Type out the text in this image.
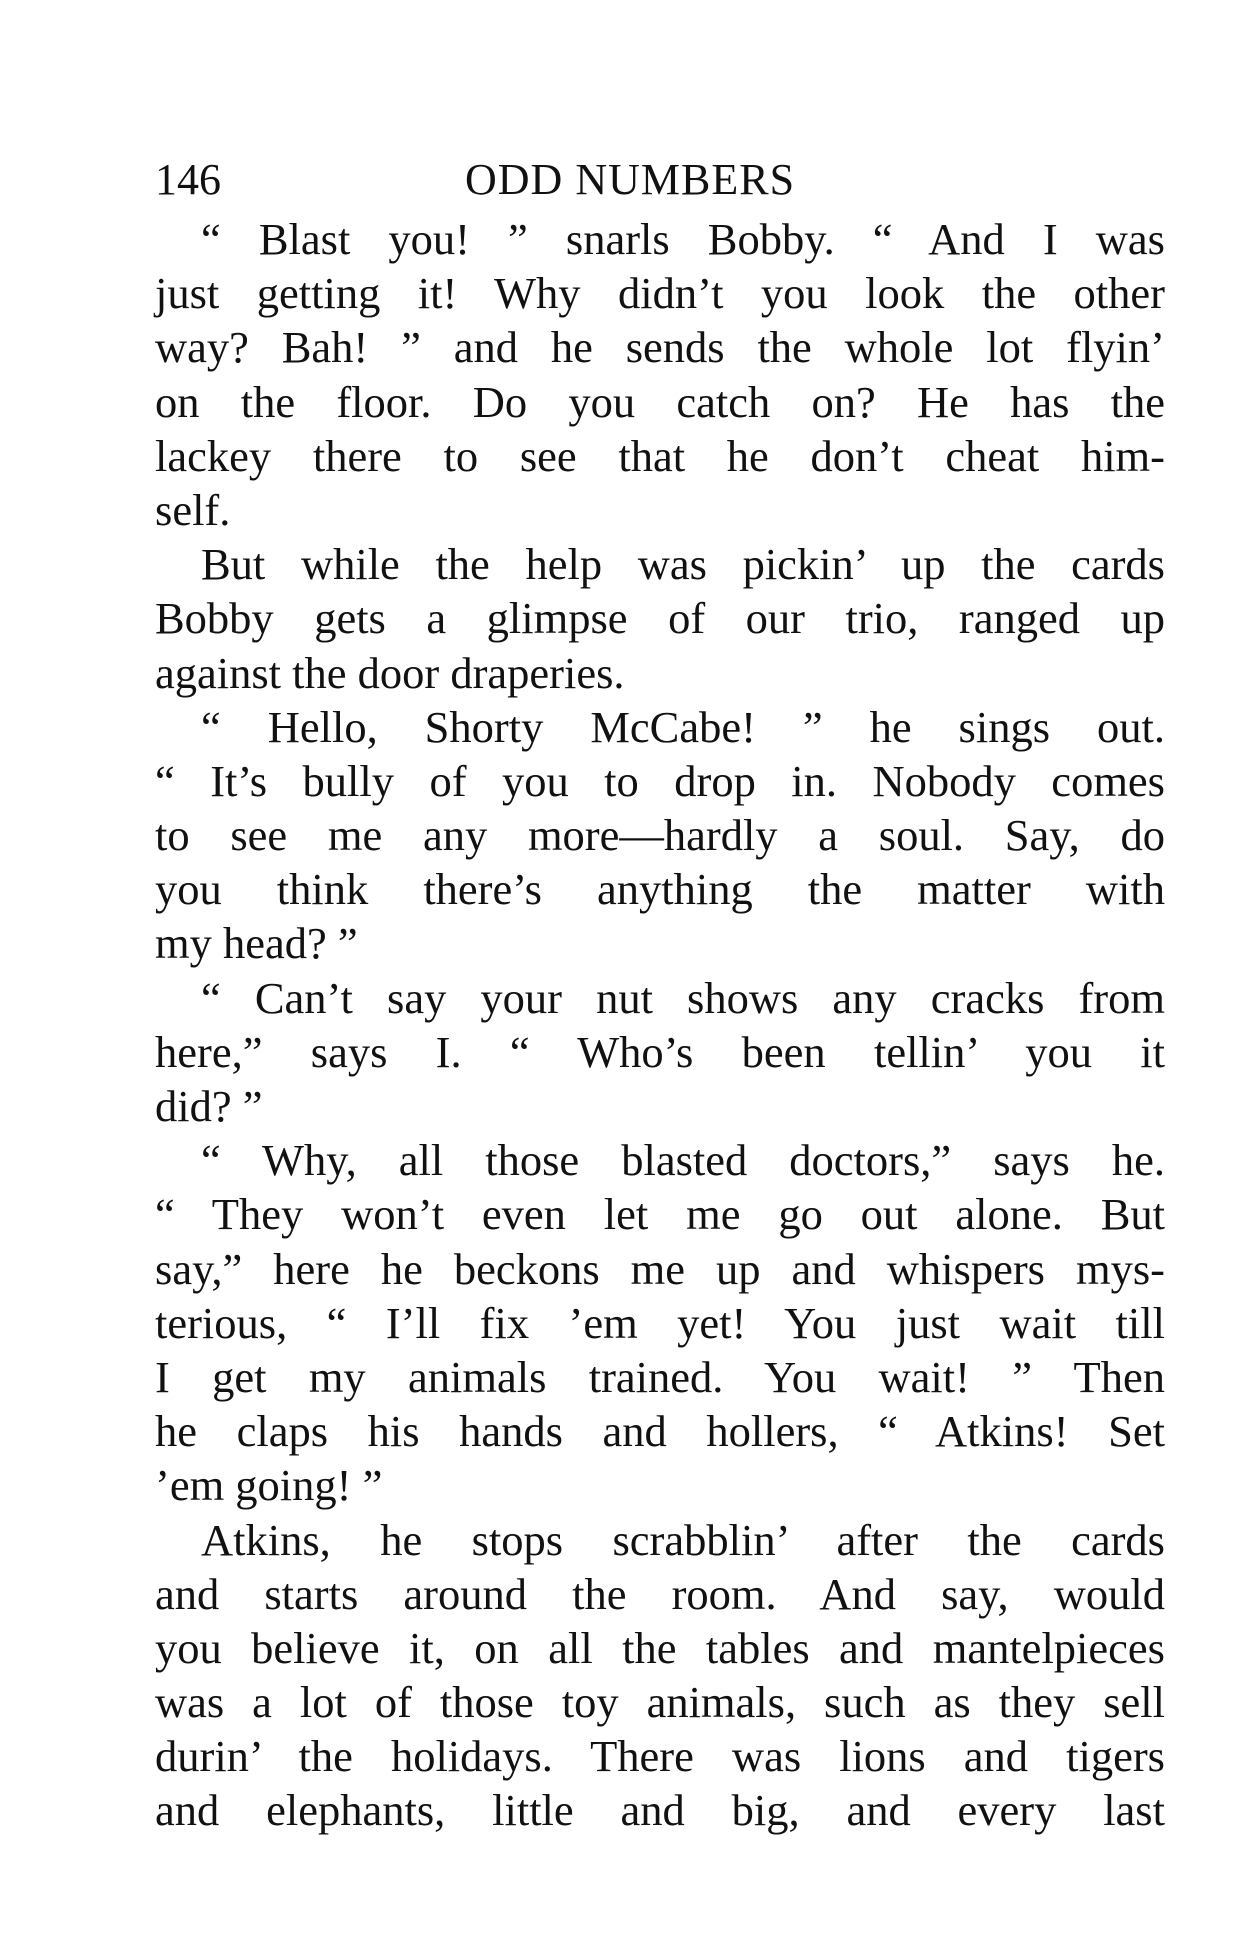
146	ODD NUMBERS
“ Blast you! ” snarls Bobby. “ And I was
just getting it! Why didn’t you look the other
way? Bah! ” and he sends the whole lot flyin’
on the floor. Do you catch on? He has the
lackey there to see that he don’t cheat him-
self.
But while the help was pickin’ up the cards
Bobby gets a glimpse of our trio, ranged up
against the door draperies.
“ Hello, Shorty McCabe! ” he sings out.
“ It’s bully of you to drop in. Nobody comes
to see me any more—hardly a soul. Say, do
you think there’s anything the matter with
my head? ”
“ Can’t say your nut shows any cracks from
here,” says I. “ Who’s been tellin’ you it
did? ”
“ Why, all those blasted doctors,” says he.
“ They won’t even let me go out alone. But
say,” here he beckons me up and whispers mys-
terious, “ I’ll fix ’em yet! You just wait till
I get my animals trained. You wait! ” Then
he claps his hands and hollers, “ Atkins! Set
’em going! ”
Atkins, he stops scrabblin’ after the cards
and starts around the room. And say, would
you believe it, on all the tables and mantelpieces
was a lot of those toy animals, such as they sell
durin’ the holidays. There was lions and tigers
and elephants, little and big, and every last
